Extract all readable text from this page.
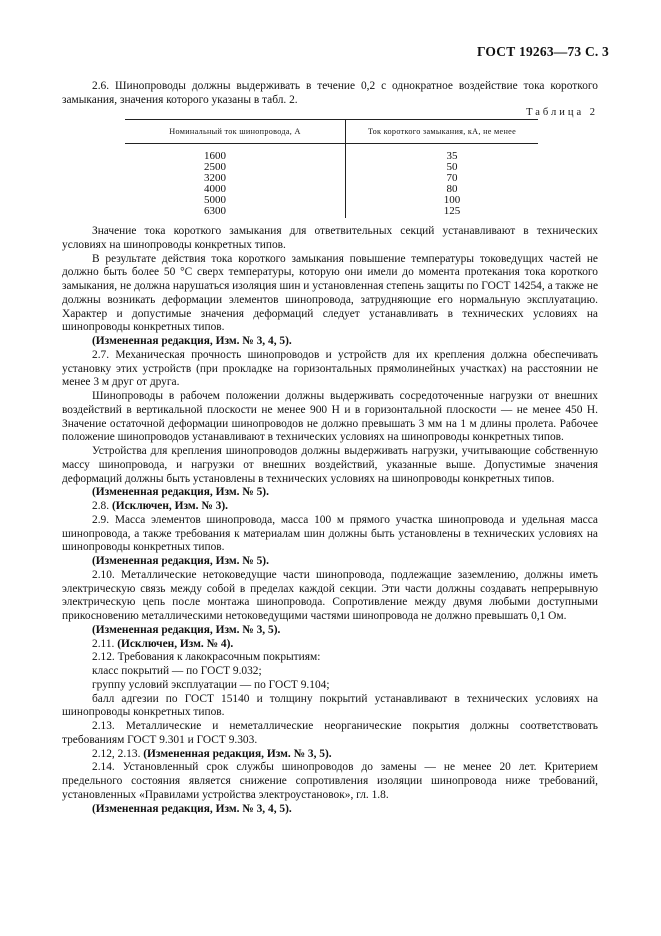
ГОСТ 19263—73 С. 3

2.6. Шинопроводы должны выдерживать в течение 0,2 с однократное воздействие тока короткого замыкания, значения которого указаны в табл. 2.

Таблица 2
Номинальный ток шинопровода, А	Ток короткого замыкания, кА, не менее
1600	35
2500	50
3200	70
4000	80
5000	100
6300	125

Значение тока короткого замыкания для ответвительных секций устанавливают в технических условиях на шинопроводы конкретных типов.

В результате действия тока короткого замыкания повышение температуры токоведущих частей не должно быть более 50 °С сверх температуры, которую они имели до момента протекания тока короткого замыкания, не должна нарушаться изоляция шин и установленная степень защиты по ГОСТ 14254, а также не должны возникать деформации элементов шинопровода, затрудняющие его нормальную эксплуатацию. Характер и допустимые значения деформаций следует устанавливать в технических условиях на шинопроводы конкретных типов.

(Измененная редакция, Изм. № 3, 4, 5).

2.7. Механическая прочность шинопроводов и устройств для их крепления должна обеспечивать установку этих устройств (при прокладке на горизонтальных прямолинейных участках) на расстоянии не менее 3 м друг от друга.

Шинопроводы в рабочем положении должны выдерживать сосредоточенные нагрузки от внешних воздействий в вертикальной плоскости не менее 900 Н и в горизонтальной плоскости — не менее 450 Н. Значение остаточной деформации шинопроводов не должно превышать 3 мм на 1 м длины пролета. Рабочее положение шинопроводов устанавливают в технических условиях на шинопроводы конкретных типов.

Устройства для крепления шинопроводов должны выдерживать нагрузки, учитывающие собственную массу шинопровода, и нагрузки от внешних воздействий, указанные выше. Допустимые значения деформаций должны быть установлены в технических условиях на шинопроводы конкретных типов.

(Измененная редакция, Изм. № 5).

2.8. (Исключен, Изм. № 3).

2.9. Масса элементов шинопровода, масса 100 м прямого участка шинопровода и удельная масса шинопровода, а также требования к материалам шин должны быть установлены в технических условиях на шинопроводы конкретных типов.

(Измененная редакция, Изм. № 5).

2.10. Металлические нетоковедущие части шинопровода, подлежащие заземлению, должны иметь электрическую связь между собой в пределах каждой секции. Эти части должны создавать непрерывную электрическую цепь после монтажа шинопровода. Сопротивление между двумя любыми доступными прикосновению металлическими нетоковедущими частями шинопровода не должно превышать 0,1 Ом.

(Измененная редакция, Изм. № 3, 5).

2.11. (Исключен, Изм. № 4).

2.12. Требования к лакокрасочным покрытиям:

класс покрытий — по ГОСТ 9.032;

группу условий эксплуатации — по ГОСТ 9.104;

балл адгезии по ГОСТ 15140 и толщину покрытий устанавливают в технических условиях на шинопроводы конкретных типов.

2.13. Металлические и неметаллические неорганические покрытия должны соответствовать требованиям ГОСТ 9.301 и ГОСТ 9.303.

2.12, 2.13. (Измененная редакция, Изм. № 3, 5).

2.14. Установленный срок службы шинопроводов до замены — не менее 20 лет. Критерием предельного состояния является снижение сопротивления изоляции шинопровода ниже требований, установленных «Правилами устройства электроустановок», гл. 1.8.

(Измененная редакция, Изм. № 3, 4, 5).
